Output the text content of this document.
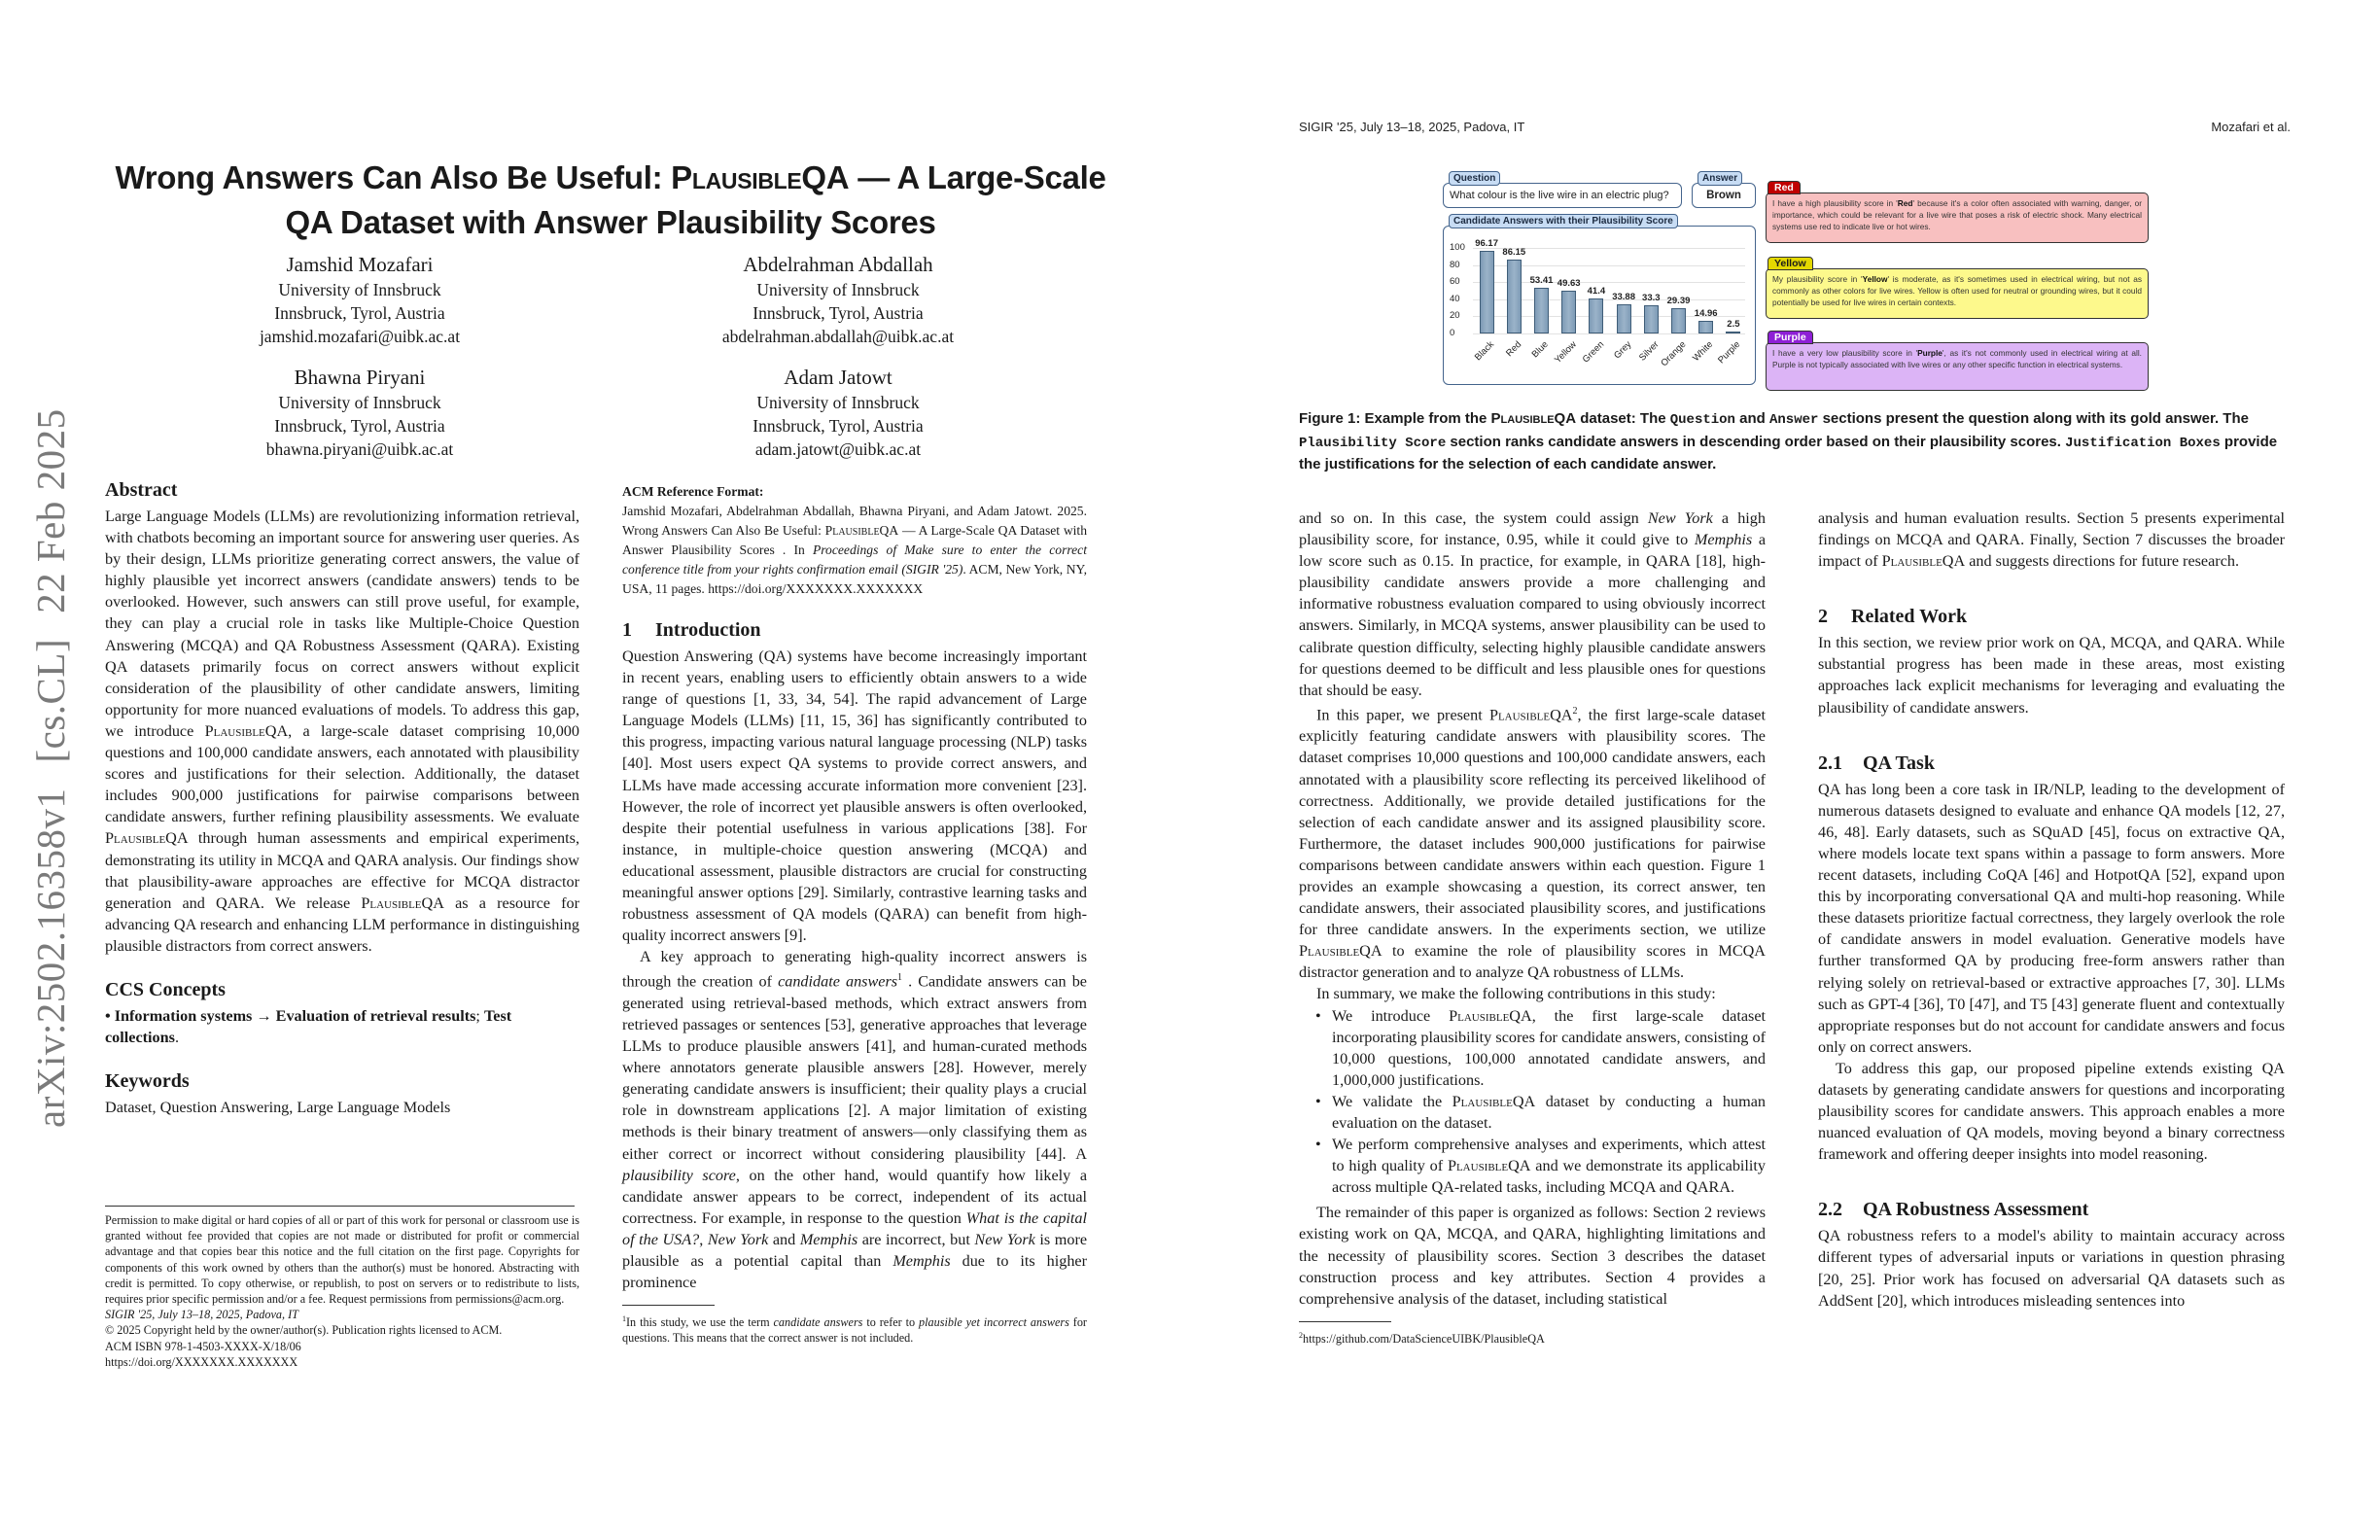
arXiv:2502.16358v1[cs.CL]22 Feb 2025
Wrong Answers Can Also Be Useful: PlausibleQA — A Large-Scale QA Dataset with Answer Plausibility Scores
Jamshid Mozafari
University of Innsbruck
Innsbruck, Tyrol, Austria
jamshid.mozafari@uibk.ac.at
Abdelrahman Abdallah
University of Innsbruck
Innsbruck, Tyrol, Austria
abdelrahman.abdallah@uibk.ac.at
Bhawna Piryani
University of Innsbruck
Innsbruck, Tyrol, Austria
bhawna.piryani@uibk.ac.at
Adam Jatowt
University of Innsbruck
Innsbruck, Tyrol, Austria
adam.jatowt@uibk.ac.at
Abstract

Large Language Models (LLMs) are revolutionizing information retrieval, with chatbots becoming an important source for answering user queries. As by their design, LLMs prioritize generating correct answers, the value of highly plausible yet incorrect answers (candidate answers) tends to be overlooked. However, such answers can still prove useful, for example, they can play a crucial role in tasks like Multiple-Choice Question Answering (MCQA) and QA Robustness Assessment (QARA). Existing QA datasets primarily focus on correct answers without explicit consideration of the plausibility of other candidate answers, limiting opportunity for more nuanced evaluations of models. To address this gap, we introduce PlausibleQA, a large-scale dataset comprising 10,000 questions and 100,000 candidate answers, each annotated with plausibility scores and justifications for their selection. Additionally, the dataset includes 900,000 justifications for pairwise comparisons between candidate answers, further refining plausibility assessments. We evaluate PlausibleQA through human assessments and empirical experiments, demonstrating its utility in MCQA and QARA analysis. Our findings show that plausibility-aware approaches are effective for MCQA distractor generation and QARA. We release PlausibleQA as a resource for advancing QA research and enhancing LLM performance in distinguishing plausible distractors from correct answers.

CCS Concepts

• Information systems → Evaluation of retrieval results; Test collections.

Keywords

Dataset, Question Answering, Large Language Models

Permission to make digital or hard copies of all or part of this work for personal or classroom use is granted without fee provided that copies are not made or distributed for profit or commercial advantage and that copies bear this notice and the full citation on the first page. Copyrights for components of this work owned by others than the author(s) must be honored. Abstracting with credit is permitted. To copy otherwise, or republish, to post on servers or to redistribute to lists, requires prior specific permission and/or a fee. Request permissions from permissions@acm.org.
SIGIR '25, July 13–18, 2025, Padova, IT
© 2025 Copyright held by the owner/author(s). Publication rights licensed to ACM.
ACM ISBN 978-1-4503-XXXX-X/18/06
https://doi.org/XXXXXXX.XXXXXXX
ACM Reference Format:
Jamshid Mozafari, Abdelrahman Abdallah, Bhawna Piryani, and Adam Jatowt. 2025. Wrong Answers Can Also Be Useful: PlausibleQA — A Large-Scale QA Dataset with Answer Plausibility Scores . In Proceedings of Make sure to enter the correct conference title from your rights confirmation email (SIGIR '25). ACM, New York, NY, USA, 11 pages. https://doi.org/XXXXXXX.XXXXXXX
1 Introduction

Question Answering (QA) systems have become increasingly important in recent years, enabling users to efficiently obtain answers to a wide range of questions [1, 33, 34, 54]. The rapid advancement of Large Language Models (LLMs) [11, 15, 36] has significantly contributed to this progress, impacting various natural language processing (NLP) tasks [40]. Most users expect QA systems to provide correct answers, and LLMs have made accessing accurate information more convenient [23]. However, the role of incorrect yet plausible answers is often overlooked, despite their potential usefulness in various applications [38]. For instance, in multiple-choice question answering (MCQA) and educational assessment, plausible distractors are crucial for constructing meaningful answer options [29]. Similarly, contrastive learning tasks and robustness assessment of QA models (QARA) can benefit from high-quality incorrect answers [9].

A key approach to generating high-quality incorrect answers is through the creation of candidate answers$^1$ . Candidate answers can be generated using retrieval-based methods, which extract answers from retrieved passages or sentences [53], generative approaches that leverage LLMs to produce plausible answers [41], and human-curated methods where annotators generate plausible answers [28]. However, merely generating candidate answers is insufficient; their quality plays a crucial role in downstream applications [2]. A major limitation of existing methods is their binary treatment of answers—only classifying them as either correct or incorrect without considering plausibility [44]. A plausibility score, on the other hand, would quantify how likely a candidate answer appears to be correct, independent of its actual correctness. For example, in response to the question What is the capital of the USA?, New York and Memphis are incorrect, but New York is more plausible as a potential capital than Memphis due to its higher prominence

$^1$In this study, we use the term candidate answers to refer to plausible yet incorrect answers for questions. This means that the correct answer is not included.
SIGIR '25, July 13–18, 2025, Padova, IT	Mozafari et al.
Question
What colour is the live wire in an electric plug?
Answer
Brown
Candidate Answers with their Plausibility Score
0
20
40
60
80
100	96.17
Black
86.15
Red
53.41
Blue
49.63
Yellow
41.4
Green
33.88
Grey
33.3
Silver
29.39
Orange
14.96
White
2.5
Purple
Red
I have a high plausibility score in 'Red' because it's a color often associated with warning, danger, or importance, which could be relevant for a live wire that poses a risk of electric shock. Many electrical systems use red to indicate live or hot wires.
Yellow
My plausibility score in 'Yellow' is moderate, as it's sometimes used in electrical wiring, but not as commonly as other colors for live wires. Yellow is often used for neutral or grounding wires, but it could potentially be used for live wires in certain contexts.
Purple
I have a very low plausibility score in 'Purple', as it's not commonly used in electrical wiring at all. Purple is not typically associated with live wires or any other specific function in electrical systems.
Figure 1: Example from the PlausibleQA dataset: The Question and Answer sections present the question along with its gold answer. The Plausibility Score section ranks candidate answers in descending order based on their plausibility scores. Justification Boxes provide the justifications for the selection of each candidate answer.

and so on. In this case, the system could assign New York a high plausibility score, for instance, 0.95, while it could give to Memphis a low score such as 0.15. In practice, for example, in QARA [18], high-plausibility candidate answers provide a more challenging and informative robustness evaluation compared to using obviously incorrect answers. Similarly, in MCQA systems, answer plausibility can be used to calibrate question difficulty, selecting highly plausible candidate answers for questions deemed to be difficult and less plausible ones for questions that should be easy.

In this paper, we present PlausibleQA$^2$, the first large-scale dataset explicitly featuring candidate answers with plausibility scores. The dataset comprises 10,000 questions and 100,000 candidate answers, each annotated with a plausibility score reflecting its perceived likelihood of correctness. Additionally, we provide detailed justifications for the selection of each candidate answer and its assigned plausibility score. Furthermore, the dataset includes 900,000 justifications for pairwise comparisons between candidate answers within each question. Figure 1 provides an example showcasing a question, its correct answer, ten candidate answers, their associated plausibility scores, and justifications for three candidate answers. In the experiments section, we utilize PlausibleQA to examine the role of plausibility scores in MCQA distractor generation and to analyze QA robustness of LLMs.

In summary, we make the following contributions in this study:

• We introduce PlausibleQA, the first large-scale dataset incorporating plausibility scores for candidate answers, consisting of 10,000 questions, 100,000 annotated candidate answers, and 1,000,000 justifications.
• We validate the PlausibleQA dataset by conducting a human evaluation on the dataset.
• We perform comprehensive analyses and experiments, which attest to high quality of PlausibleQA and we demonstrate its applicability across multiple QA-related tasks, including MCQA and QARA.

The remainder of this paper is organized as follows: Section 2 reviews existing work on QA, MCQA, and QARA, highlighting limitations and the necessity of plausibility scores. Section 3 describes the dataset construction process and key attributes. Section 4 provides a comprehensive analysis of the dataset, including statistical

$^2$https://github.com/DataScienceUIBK/PlausibleQA

analysis and human evaluation results. Section 5 presents experimental findings on MCQA and QARA. Finally, Section 7 discusses the broader impact of PlausibleQA and suggests directions for future research.

2 Related Work

In this section, we review prior work on QA, MCQA, and QARA. While substantial progress has been made in these areas, most existing approaches lack explicit mechanisms for leveraging and evaluating the plausibility of candidate answers.

2.1 QA Task

QA has long been a core task in IR/NLP, leading to the development of numerous datasets designed to evaluate and enhance QA models [12, 27, 46, 48]. Early datasets, such as SQuAD [45], focus on extractive QA, where models locate text spans within a passage to form answers. More recent datasets, including CoQA [46] and HotpotQA [52], expand upon this by incorporating conversational QA and multi-hop reasoning. While these datasets prioritize factual correctness, they largely overlook the role of candidate answers in model evaluation. Generative models have further transformed QA by producing free-form answers rather than relying solely on retrieval-based or extractive approaches [7, 30]. LLMs such as GPT-4 [36], T0 [47], and T5 [43] generate fluent and contextually appropriate responses but do not account for candidate answers and focus only on correct answers.

To address this gap, our proposed pipeline extends existing QA datasets by generating candidate answers for questions and incorporating plausibility scores for candidate answers. This approach enables a more nuanced evaluation of QA models, moving beyond a binary correctness framework and offering deeper insights into model reasoning.

2.2 QA Robustness Assessment

QA robustness refers to a model's ability to maintain accuracy across different types of adversarial inputs or variations in question phrasing [20, 25]. Prior work has focused on adversarial QA datasets such as AddSent [20], which introduces misleading sentences into
